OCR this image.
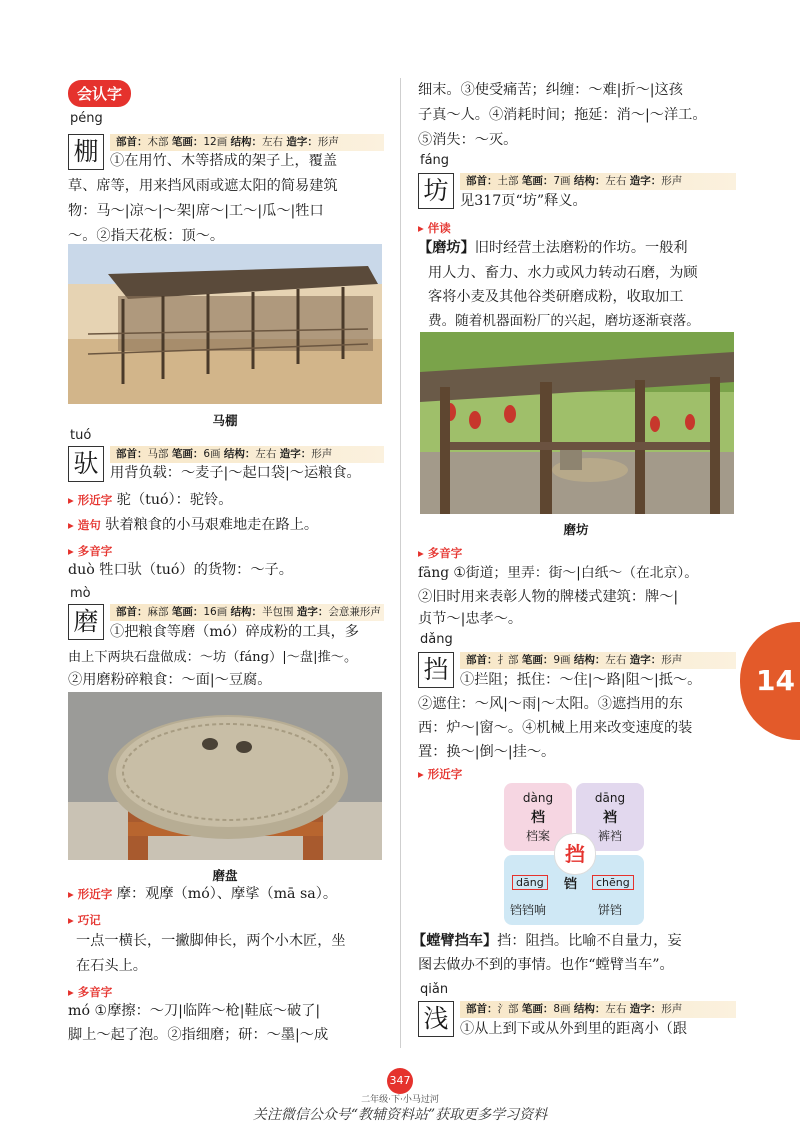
会认字
péng
棚	部首：木部 笔画：12画 结构：左右 造字：形声
①在用竹、木等搭成的架子上，覆盖
草、席等，用来挡风雨或遮太阳的简易建筑
物：马～|凉～|～架|席～|工～|瓜～|牲口
～。②指天花板：顶～。
马棚
tuó
驮	部首：马部 笔画：6画 结构：左右 造字：形声
用背负载：～麦子|～起口袋|～运粮食。
▸ 形近字 驼（tuó）：驼铃。
▸ 造句 驮着粮食的小马艰难地走在路上。
▸ 多音字
duò 牲口驮（tuó）的货物：～子。
mò
磨	部首：麻部 笔画：16画 结构：半包围 造字：会意兼形声
①把粮食等磨（mó）碎成粉的工具，多
由上下两块石盘做成：～坊（fáng）|～盘|推～。
②用磨粉碎粮食：～面|～豆腐。
磨盘
▸ 形近字 摩：观摩（mó）、摩挲（mā sa）。
▸ 巧记
一点一横长，一撇脚伸长，两个小木匠，坐
在石头上。
▸ 多音字
mó ①摩擦：～刀|临阵～枪|鞋底～破了|
脚上～起了泡。②指细磨；研：～墨|～成
细末。③使受痛苦；纠缠：～难|折～|这孩
子真～人。④消耗时间；拖延：消～|～洋工。
⑤消失：～灭。
fáng
坊	部首：土部 笔画：7画 结构：左右 造字：形声
见317页“坊”释义。
▸ 伴读
【磨坊】旧时经营土法磨粉的作坊。一般利
用人力、畜力、水力或风力转动石磨，为顾
客将小麦及其他谷类研磨成粉，收取加工
费。随着机器面粉厂的兴起，磨坊逐渐衰落。
磨坊
▸ 多音字
fāng ①街道；里弄：街～|白纸～（在北京）。
②旧时用来表彰人物的牌楼式建筑：牌～|
贞节～|忠孝～。
dǎng
挡	部首：扌部 笔画：9画 结构：左右 造字：形声
①拦阻；抵住：～住|～路|阻～|抵～。
②遮住：～风|～雨|～太阳。③遮挡用的东
西：炉～|窗～。④机械上用来改变速度的装
置：换～|倒～|挂～。
▸ 形近字
dàng
档
档案
dāng
裆
裤裆
dāng	铛	chēng
铛铛响	饼铛
挡
【螳臂挡车】挡：阻挡。比喻不自量力，妄
图去做办不到的事情。也作“螳臂当车”。
qiǎn
浅	部首：氵部 笔画：8画 结构：左右 造字：形声
①从上到下或从外到里的距离小（跟
14
347
二年级·下·小马过河
关注微信公众号“教辅资料站”获取更多学习资料
